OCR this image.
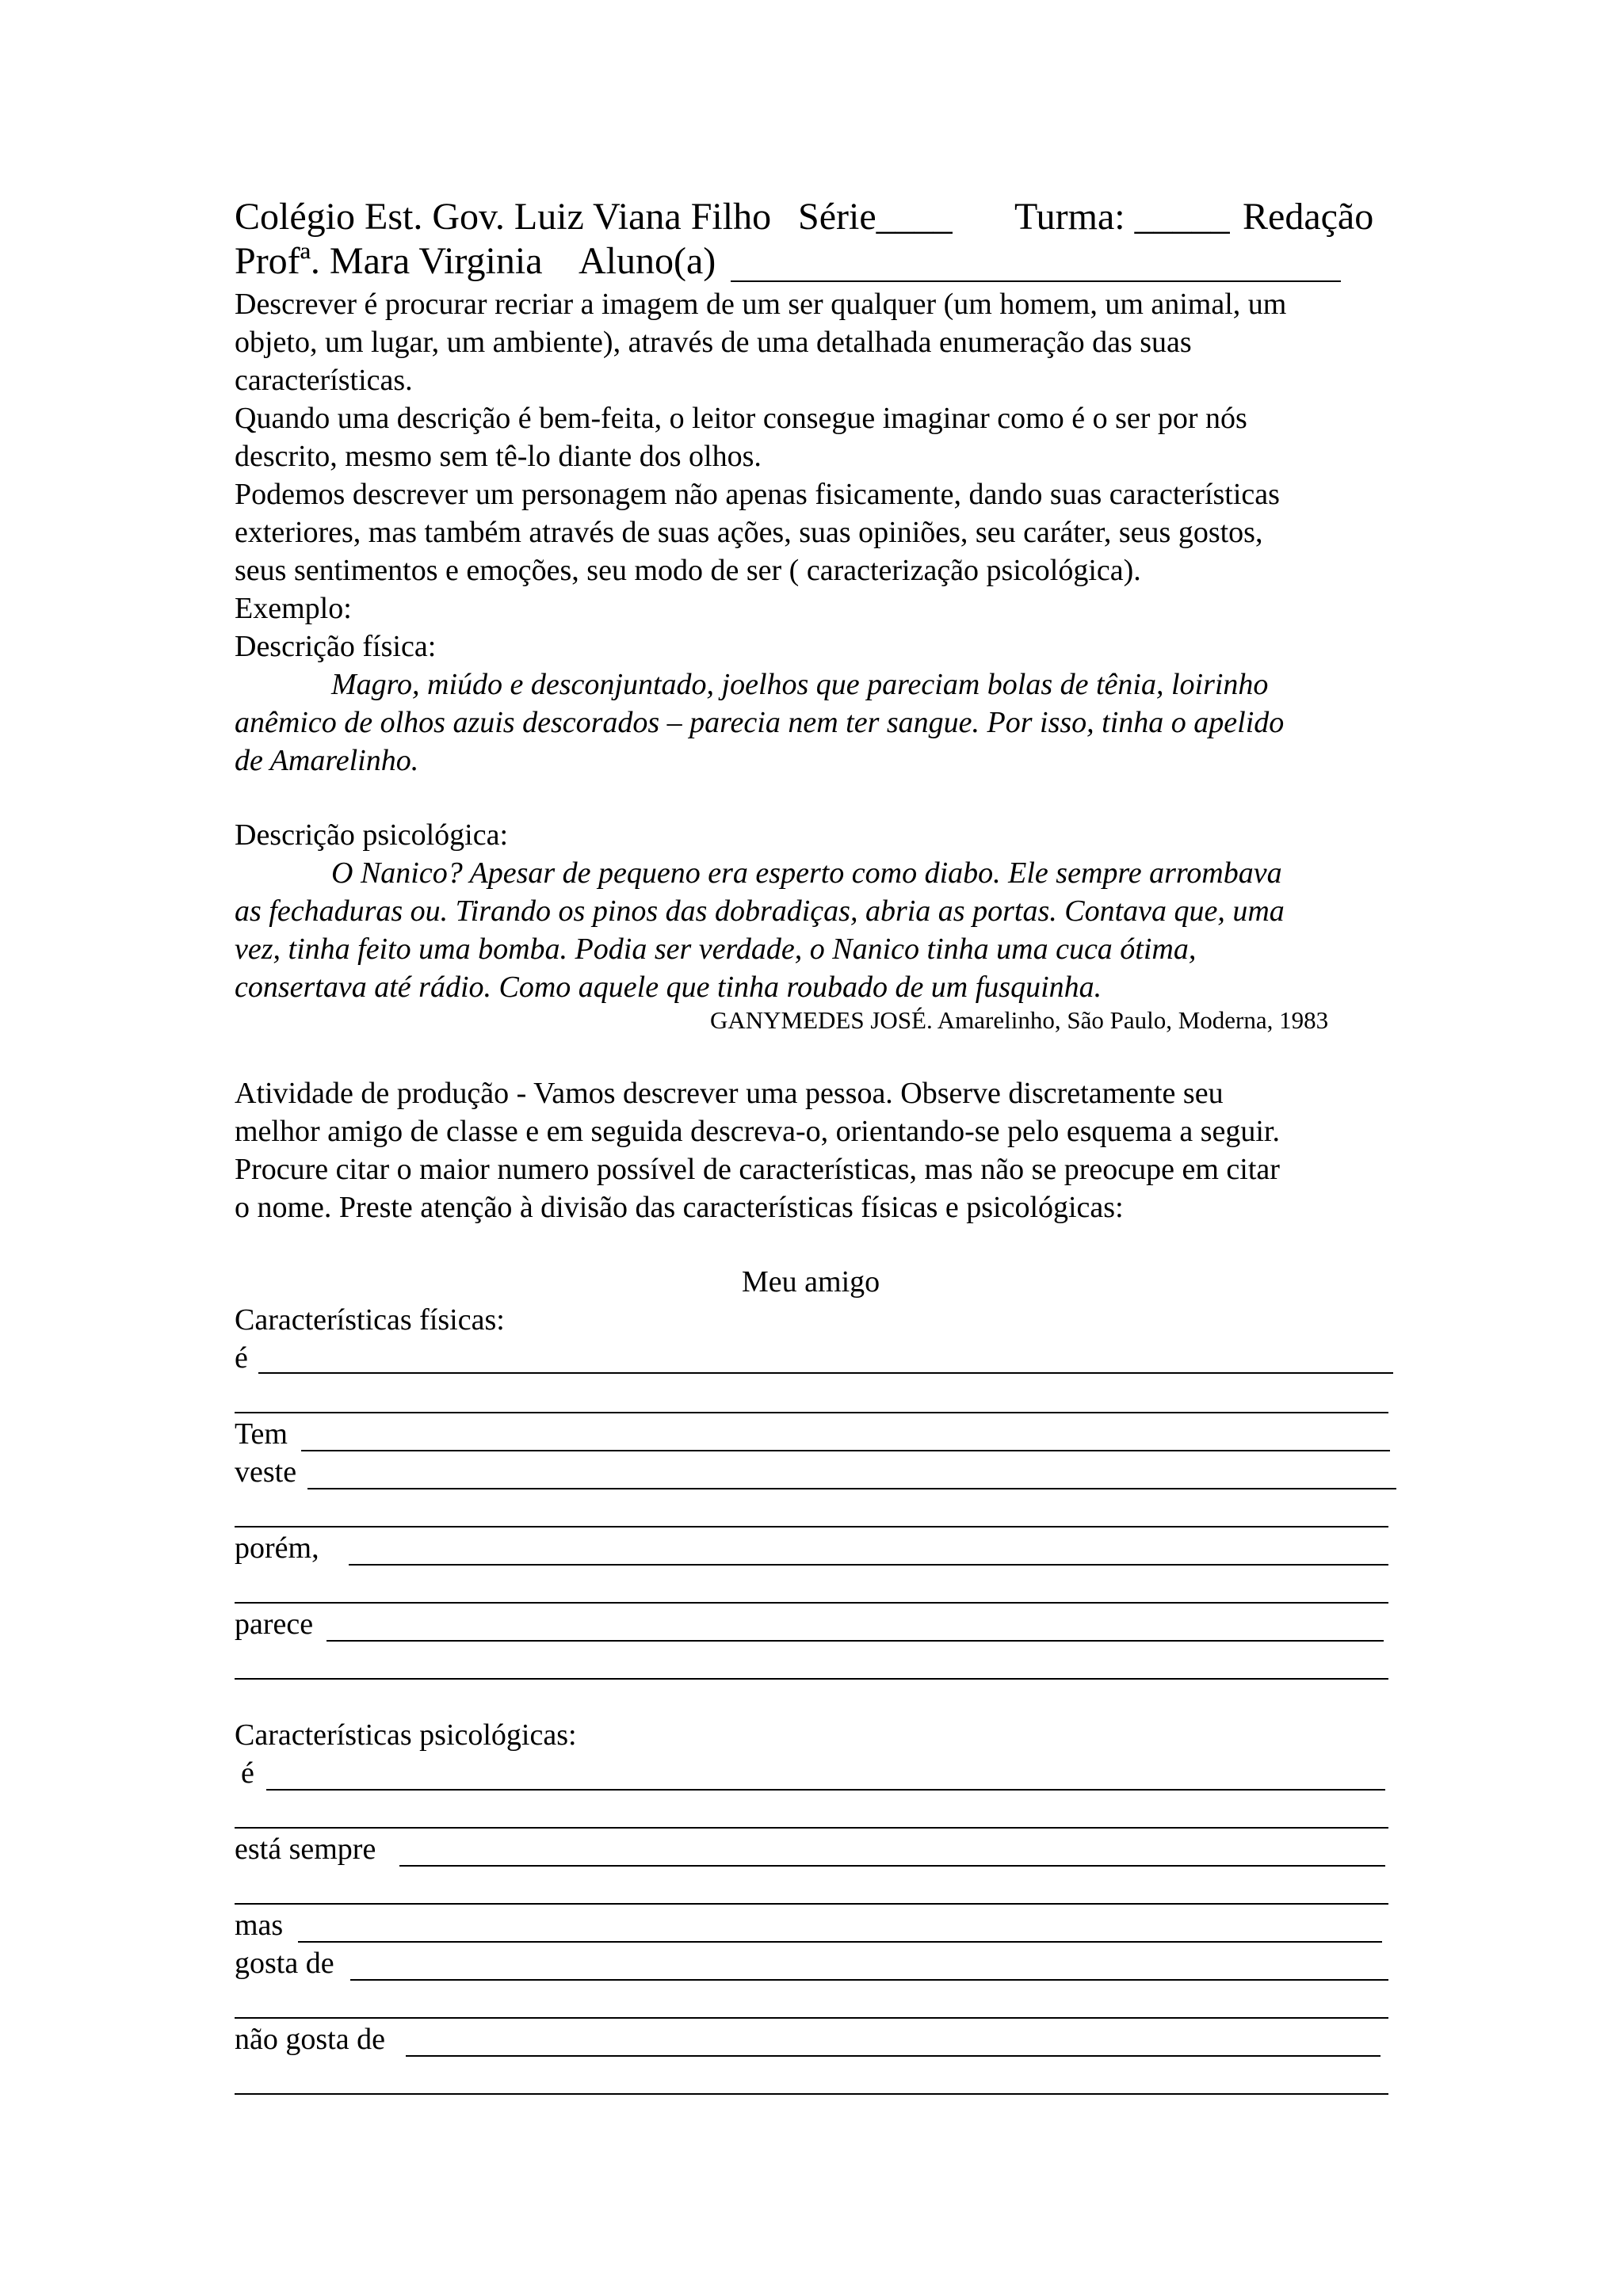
Colégio Est. Gov. Luiz Viana Filho Série____ Turma: _____ Redação
Profª. Mara Virginia Aluno(a)
Descrever é procurar recriar a imagem de um ser qualquer (um homem, um animal, um
objeto, um lugar, um ambiente), através de uma detalhada enumeração das suas
características.
Quando uma descrição é bem-feita, o leitor consegue imaginar como é o ser por nós
descrito, mesmo sem tê-lo diante dos olhos.
Podemos descrever um personagem não apenas fisicamente, dando suas características
exteriores, mas também através de suas ações, suas opiniões, seu caráter, seus gostos,
seus sentimentos e emoções, seu modo de ser ( caracterização psicológica).
Exemplo:
Descrição física:
Magro, miúdo e desconjuntado, joelhos que pareciam bolas de tênia, loirinho
anêmico de olhos azuis descorados – parecia nem ter sangue. Por isso, tinha o apelido
de Amarelinho.
Descrição psicológica:
O Nanico? Apesar de pequeno era esperto como diabo. Ele sempre arrombava
as fechaduras ou. Tirando os pinos das dobradiças, abria as portas. Contava que, uma
vez, tinha feito uma bomba. Podia ser verdade, o Nanico tinha uma cuca ótima,
consertava até rádio. Como aquele que tinha roubado de um fusquinha.
GANYMEDES JOSÉ. Amarelinho, São Paulo, Moderna, 1983
Atividade de produção - Vamos descrever uma pessoa. Observe discretamente seu
melhor amigo de classe e em seguida descreva-o, orientando-se pelo esquema a seguir.
Procure citar o maior numero possível de características, mas não se preocupe em citar
o nome. Preste atenção à divisão das características físicas e psicológicas:
Meu amigo
Características físicas:
é
Tem
veste
porém,
parece
Características psicológicas:
é
está sempre
mas
gosta de
não gosta de
